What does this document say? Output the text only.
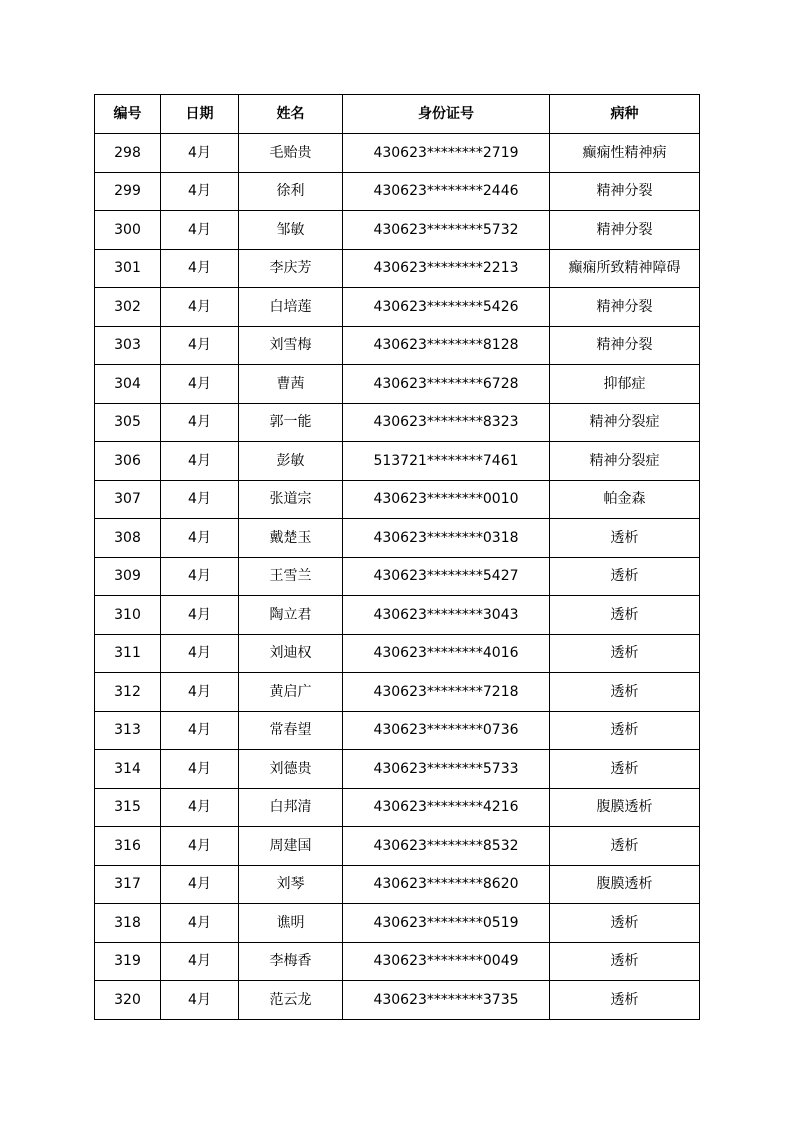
编号	日期	姓名	身份证号	病种
298	4月	毛贻贵	430623********2719	癫痫性精神病
299	4月	徐利	430623********2446	精神分裂
300	4月	邹敏	430623********5732	精神分裂
301	4月	李庆芳	430623********2213	癫痫所致精神障碍
302	4月	白培莲	430623********5426	精神分裂
303	4月	刘雪梅	430623********8128	精神分裂
304	4月	曹茜	430623********6728	抑郁症
305	4月	郭一能	430623********8323	精神分裂症
306	4月	彭敏	513721********7461	精神分裂症
307	4月	张道宗	430623********0010	帕金森
308	4月	戴楚玉	430623********0318	透析
309	4月	王雪兰	430623********5427	透析
310	4月	陶立君	430623********3043	透析
311	4月	刘迪权	430623********4016	透析
312	4月	黄启广	430623********7218	透析
313	4月	常春望	430623********0736	透析
314	4月	刘德贵	430623********5733	透析
315	4月	白邦清	430623********4216	腹膜透析
316	4月	周建国	430623********8532	透析
317	4月	刘琴	430623********8620	腹膜透析
318	4月	谯明	430623********0519	透析
319	4月	李梅香	430623********0049	透析
320	4月	范云龙	430623********3735	透析
